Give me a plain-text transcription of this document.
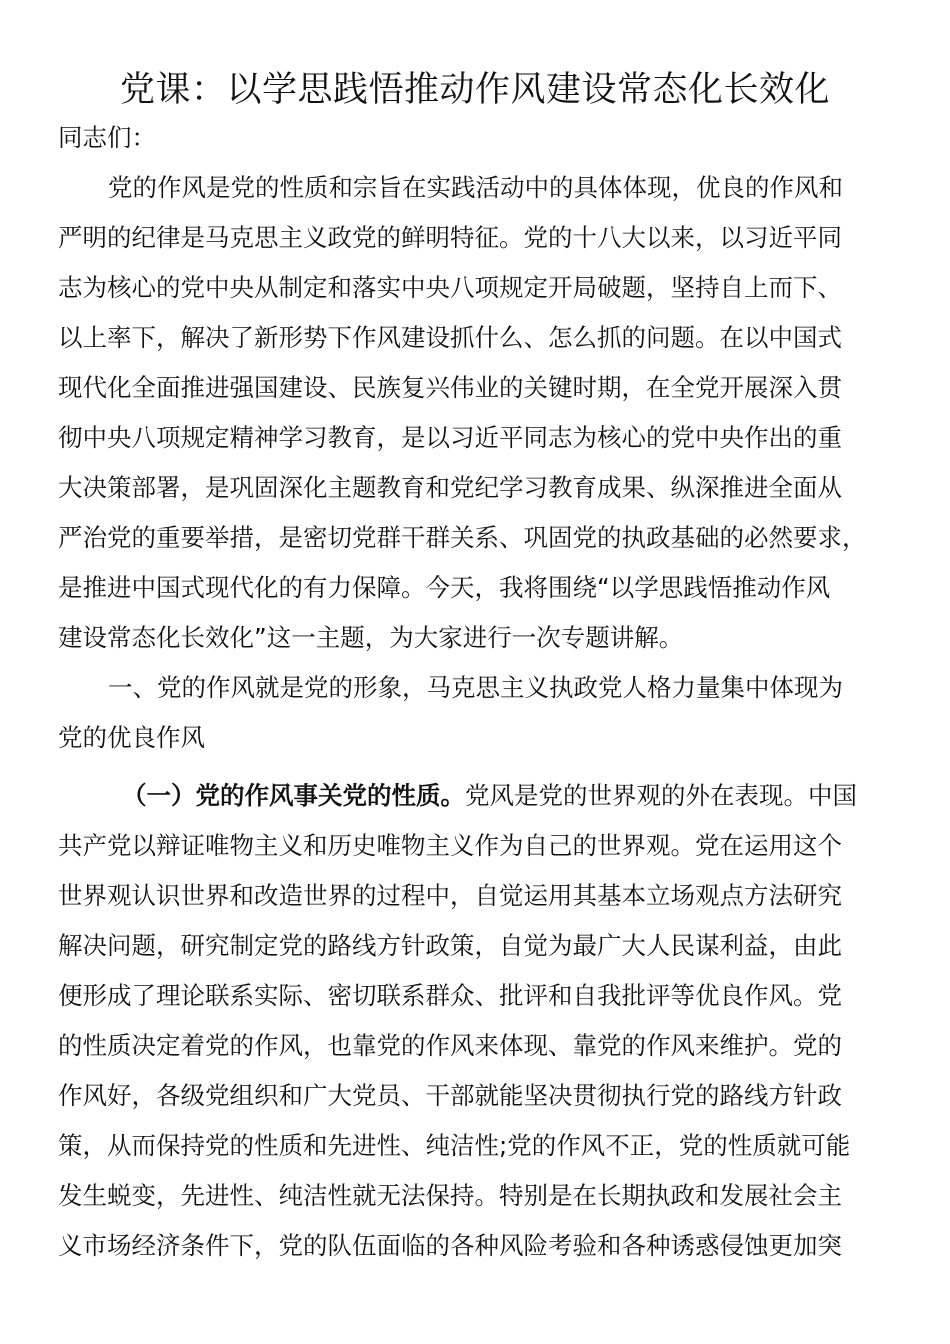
党课：以学思践悟推动作风建设常态化长效化
同志们：
党的作风是党的性质和宗旨在实践活动中的具体体现，优良的作风和
严明的纪律是马克思主义政党的鲜明特征。党的十八大以来，以习近平同
志为核心的党中央从制定和落实中央八项规定开局破题，坚持自上而下、
以上率下，解决了新形势下作风建设抓什么、怎么抓的问题。在以中国式
现代化全面推进强国建设、民族复兴伟业的关键时期，在全党开展深入贯
彻中央八项规定精神学习教育，是以习近平同志为核心的党中央作出的重
大决策部署，是巩固深化主题教育和党纪学习教育成果、纵深推进全面从
严治党的重要举措，是密切党群干群关系、巩固党的执政基础的必然要求，
是推进中国式现代化的有力保障。今天，我将围绕“以学思践悟推动作风
建设常态化长效化”这一主题，为大家进行一次专题讲解。
一、党的作风就是党的形象，马克思主义执政党人格力量集中体现为
党的优良作风
（一）党的作风事关党的性质。党风是党的世界观的外在表现。中国
共产党以辩证唯物主义和历史唯物主义作为自己的世界观。党在运用这个
世界观认识世界和改造世界的过程中，自觉运用其基本立场观点方法研究
解决问题，研究制定党的路线方针政策，自觉为最广大人民谋利益，由此
便形成了理论联系实际、密切联系群众、批评和自我批评等优良作风。党
的性质决定着党的作风，也靠党的作风来体现、靠党的作风来维护。党的
作风好，各级党组织和广大党员、干部就能坚决贯彻执行党的路线方针政
策，从而保持党的性质和先进性、纯洁性;党的作风不正，党的性质就可能
发生蜕变，先进性、纯洁性就无法保持。特别是在长期执政和发展社会主
义市场经济条件下，党的队伍面临的各种风险考验和各种诱惑侵蚀更加突
